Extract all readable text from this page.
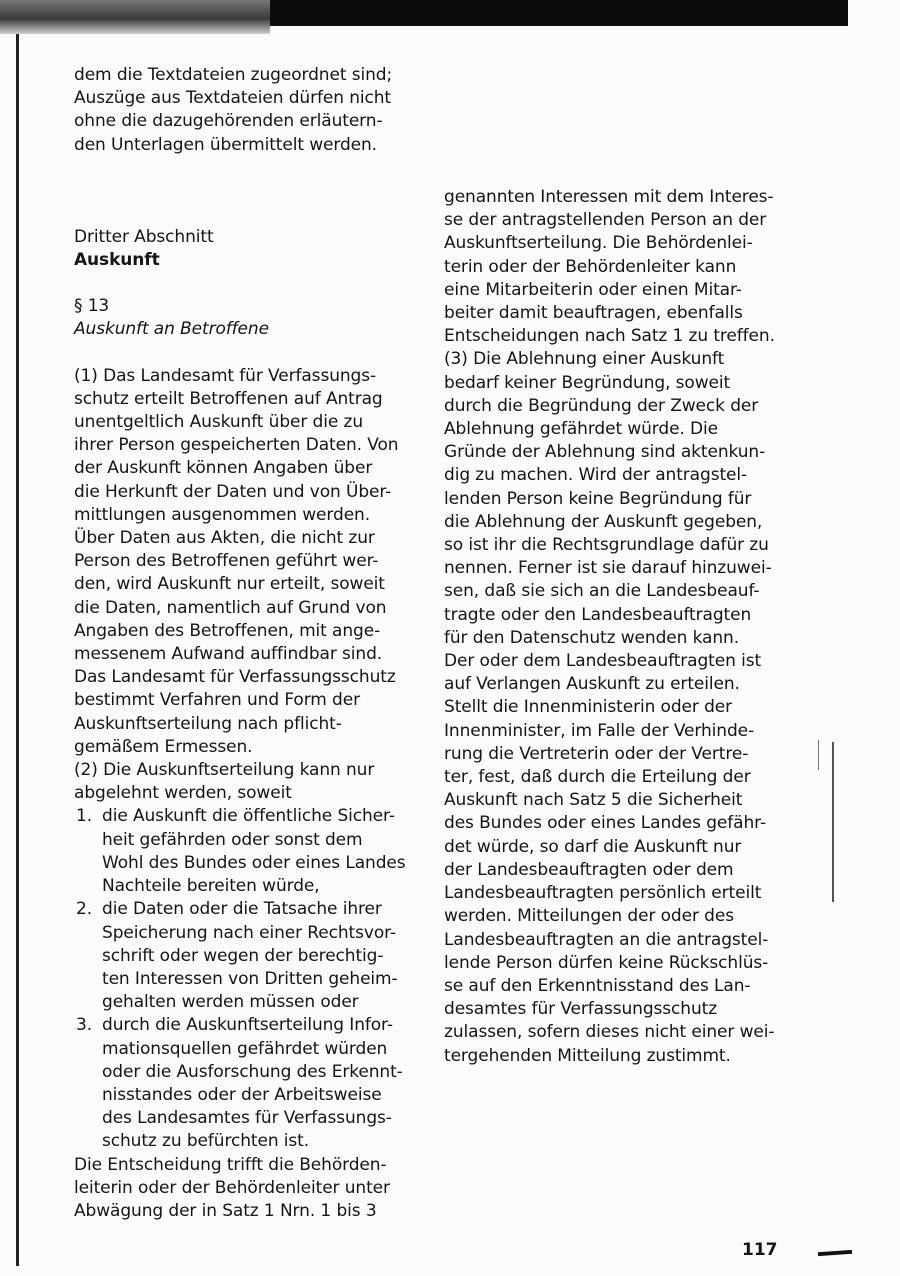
dem die Textdateien zugeordnet sind;

Auszüge aus Textdateien dürfen nicht

ohne die dazugehörenden erläutern-

den Unterlagen übermittelt werden.

Dritter Abschnitt

Auskunft

§ 13

Auskunft an Betroffene

(1) Das Landesamt für Verfassungs-

schutz erteilt Betroffenen auf Antrag

unentgeltlich Auskunft über die zu

ihrer Person gespeicherten Daten. Von

der Auskunft können Angaben über

die Herkunft der Daten und von Über-

mittlungen ausgenommen werden.

Über Daten aus Akten, die nicht zur

Person des Betroffenen geführt wer-

den, wird Auskunft nur erteilt, soweit

die Daten, namentlich auf Grund von

Angaben des Betroffenen, mit ange-

messenem Aufwand auffindbar sind.

Das Landesamt für Verfassungsschutz

bestimmt Verfahren und Form der

Auskunftserteilung nach pflicht-

gemäßem Ermessen.

(2) Die Auskunftserteilung kann nur

abgelehnt werden, soweit

1. die Auskunft die öffentliche Sicher-

heit gefährden oder sonst dem

Wohl des Bundes oder eines Landes

Nachteile bereiten würde,

2. die Daten oder die Tatsache ihrer

Speicherung nach einer Rechtsvor-

schrift oder wegen der berechtig-

ten Interessen von Dritten geheim-

gehalten werden müssen oder

3. durch die Auskunftserteilung Infor-

mationsquellen gefährdet würden

oder die Ausforschung des Erkennt-

nisstandes oder der Arbeitsweise

des Landesamtes für Verfassungs-

schutz zu befürchten ist.

Die Entscheidung trifft die Behörden-

leiterin oder der Behördenleiter unter

Abwägung der in Satz 1 Nrn. 1 bis 3

genannten Interessen mit dem Interes-

se der antragstellenden Person an der

Auskunftserteilung. Die Behördenlei-

terin oder der Behördenleiter kann

eine Mitarbeiterin oder einen Mitar-

beiter damit beauftragen, ebenfalls

Entscheidungen nach Satz 1 zu treffen.

(3) Die Ablehnung einer Auskunft

bedarf keiner Begründung, soweit

durch die Begründung der Zweck der

Ablehnung gefährdet würde. Die

Gründe der Ablehnung sind aktenkun-

dig zu machen. Wird der antragstel-

lenden Person keine Begründung für

die Ablehnung der Auskunft gegeben,

so ist ihr die Rechtsgrundlage dafür zu

nennen. Ferner ist sie darauf hinzuwei-

sen, daß sie sich an die Landesbeauf-

tragte oder den Landesbeauftragten

für den Datenschutz wenden kann.

Der oder dem Landesbeauftragten ist

auf Verlangen Auskunft zu erteilen.

Stellt die Innenministerin oder der

Innenminister, im Falle der Verhinde-

rung die Vertreterin oder der Vertre-

ter, fest, daß durch die Erteilung der

Auskunft nach Satz 5 die Sicherheit

des Bundes oder eines Landes gefähr-

det würde, so darf die Auskunft nur

der Landesbeauftragten oder dem

Landesbeauftragten persönlich erteilt

werden. Mitteilungen der oder des

Landesbeauftragten an die antragstel-

lende Person dürfen keine Rückschlüs-

se auf den Erkenntnisstand des Lan-

desamtes für Verfassungsschutz

zulassen, sofern dieses nicht einer wei-

tergehenden Mitteilung zustimmt.

117
